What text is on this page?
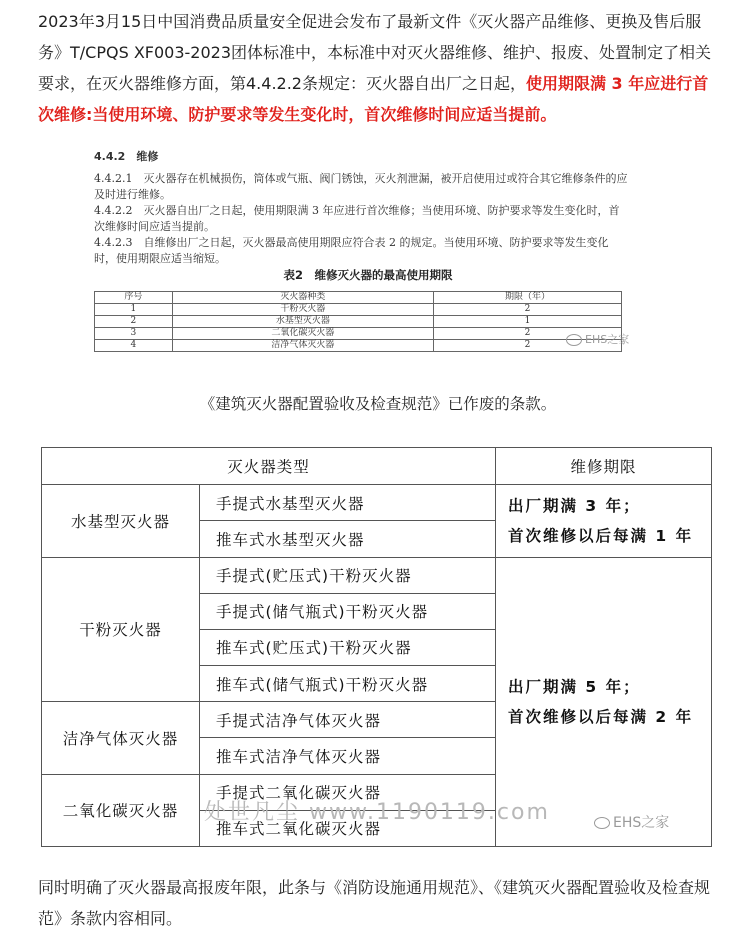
2023年3月15日中国消费品质量安全促进会发布了最新文件《灭火器产品维修、更换及售后服务》T/CPQS XF003-2023团体标准中，本标准中对灭火器维修、维护、报废、处置制定了相关要求，在灭火器维修方面，第4.4.2.2条规定：灭火器自出厂之日起，使用期限满 3 年应进行首次维修:当使用环境、防护要求等发生变化时，首次维修时间应适当提前。

4.4.2　维修

4.4.2.1　灭火器存在机械损伤，筒体或气瓶、阀门锈蚀，灭火剂泄漏，被开启使用过或符合其它维修条件的应及时进行维修。

4.4.2.2　灭火器自出厂之日起，使用期限满 3 年应进行首次维修；当使用环境、防护要求等发生变化时，首次维修时间应适当提前。

4.4.2.3　自维修出厂之日起，灭火器最高使用期限应符合表 2 的规定。当使用环境、防护要求等发生变化时，使用期限应适当缩短。

表2　维修灭火器的最高使用期限
序号	灭火器种类	期限（年）
1	干粉灭火器	2
2	水基型灭火器	1
3	二氧化碳灭火器	2
4	洁净气体灭火器	2	EHS之家
《建筑灭火器配置验收及检查规范》已作废的条款。
灭火器类型		维修期限
水基型灭火器	手提式水基型灭火器	出厂期满 3 年；
首次维修以后每满 1 年

	推车式水基型灭火器	
干粉灭火器	手提式(贮压式)干粉灭火器	出厂期满 5 年；
首次维修以后每满 2 年

	手提式(储气瓶式)干粉灭火器	
	推车式(贮压式)干粉灭火器	
	推车式(储气瓶式)干粉灭火器	
洁净气体灭火器	手提式洁净气体灭火器	
	推车式洁净气体灭火器	
二氧化碳灭火器	手提式二氧化碳灭火器	
	推车式二氧化碳灭火器	
处世凡尘 www.1190119.com	EHS之家

同时明确了灭火器最高报废年限，此条与《消防设施通用规范》、《建筑灭火器配置验收及检查规范》条款内容相同。
